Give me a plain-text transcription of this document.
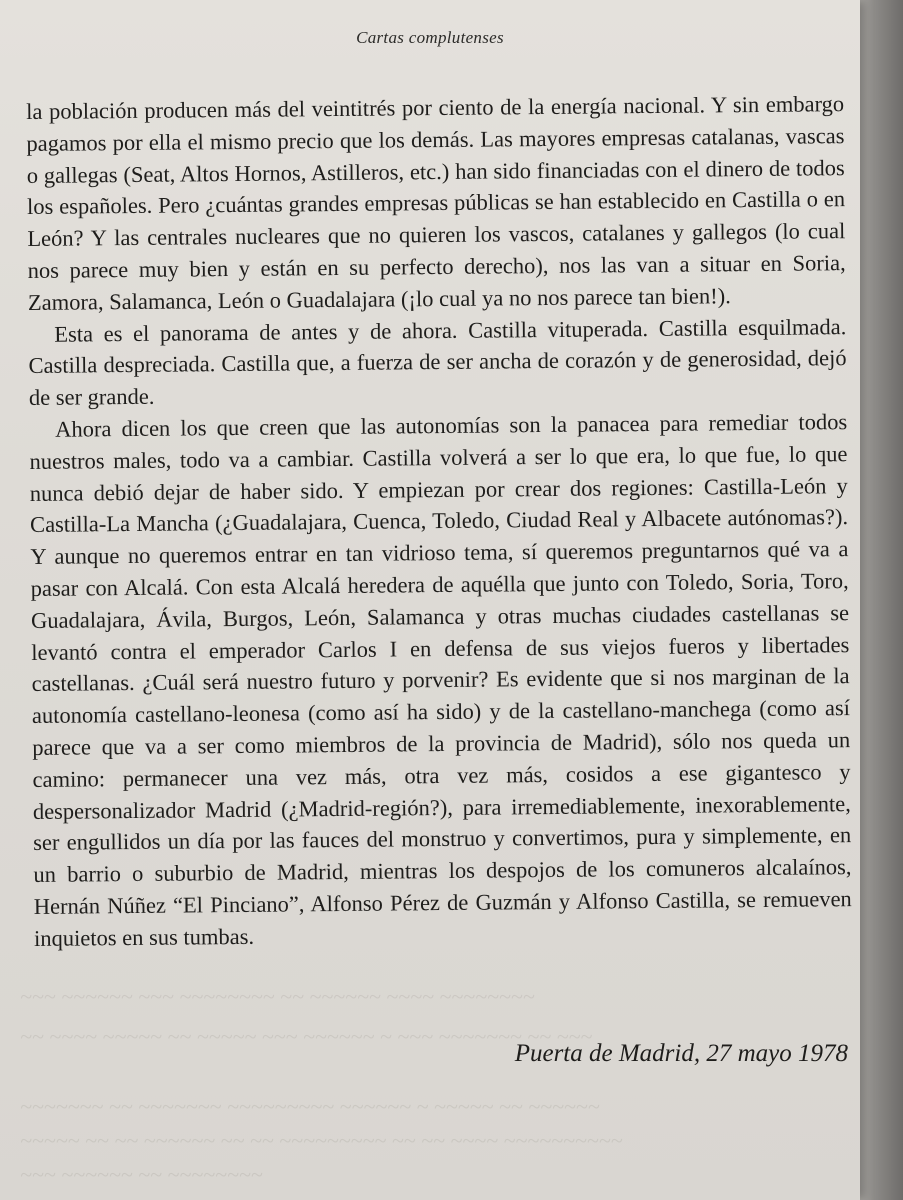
~~~ ~~~~~~ ~~~ ~~~~~~~~ ~~ ~~~~~~ ~~~~ ~~~~~~~~
~~ ~~~~ ~~~~~ ~~ ~~~~~ ~~~ ~~~~~~ ~ ~~~ ~~~~~~~ ~~ ~~~
~~~~~~~ ~~ ~~~~~~~ ~~~~~~~~~ ~~~~~~ ~ ~~~~~ ~~ ~~~~~~
~~~~~ ~~ ~~ ~~~~~~ ~~ ~~ ~~~~~~~~~ ~~ ~~ ~~~~ ~~~~~~~~~~
~~~ ~~~~~~ ~~ ~~~~~~~~
Cartas complutenses

la población producen más del veintitrés por ciento de la energía nacional. Y sin embargo pagamos por ella el mismo precio que los demás. Las mayores empresas catalanas, vascas o gallegas (Seat, Altos Hornos, Astilleros, etc.) han sido financiadas con el dinero de todos los españoles. Pero ¿cuántas grandes empresas públicas se han establecido en Castilla o en León? Y las centrales nucleares que no quieren los vascos, catalanes y gallegos (lo cual nos parece muy bien y están en su perfecto derecho), nos las van a situar en Soria, Zamora, Salamanca, León o Guadalajara (¡lo cual ya no nos parece tan bien!).

Esta es el panorama de antes y de ahora. Castilla vituperada. Castilla esquilmada. Castilla despreciada. Castilla que, a fuerza de ser ancha de corazón y de generosidad, dejó de ser grande.

Ahora dicen los que creen que las autonomías son la panacea para remediar todos nuestros males, todo va a cambiar. Castilla volverá a ser lo que era, lo que fue, lo que nunca debió dejar de haber sido. Y empiezan por crear dos regiones: Castilla-León y Castilla-La Mancha (¿Guadalajara, Cuenca, Toledo, Ciudad Real y Albacete autónomas?). Y aunque no queremos entrar en tan vidrioso tema, sí queremos preguntarnos qué va a pasar con Alcalá. Con esta Alcalá heredera de aquélla que junto con Toledo, Soria, Toro, Guadalajara, Ávila, Burgos, León, Salamanca y otras muchas ciudades castellanas se levantó contra el emperador Carlos I en defensa de sus viejos fueros y libertades castellanas. ¿Cuál será nuestro futuro y porvenir? Es evidente que si nos marginan de la autonomía castellano-leonesa (como así ha sido) y de la castellano-manchega (como así parece que va a ser como miembros de la provincia de Madrid), sólo nos queda un camino: permanecer una vez más, otra vez más, cosidos a ese gigantesco y despersonalizador Madrid (¿Madrid-región?), para irremediablemente, inexorablemente, ser engullidos un día por las fauces del monstruo y convertimos, pura y simplemente, en un barrio o suburbio de Madrid, mientras los despojos de los comuneros alcalaínos, Hernán Núñez “El Pinciano”, Alfonso Pérez de Guzmán y Alfonso Castilla, se remueven inquietos en sus tumbas.

Puerta de Madrid, 27 mayo 1978
